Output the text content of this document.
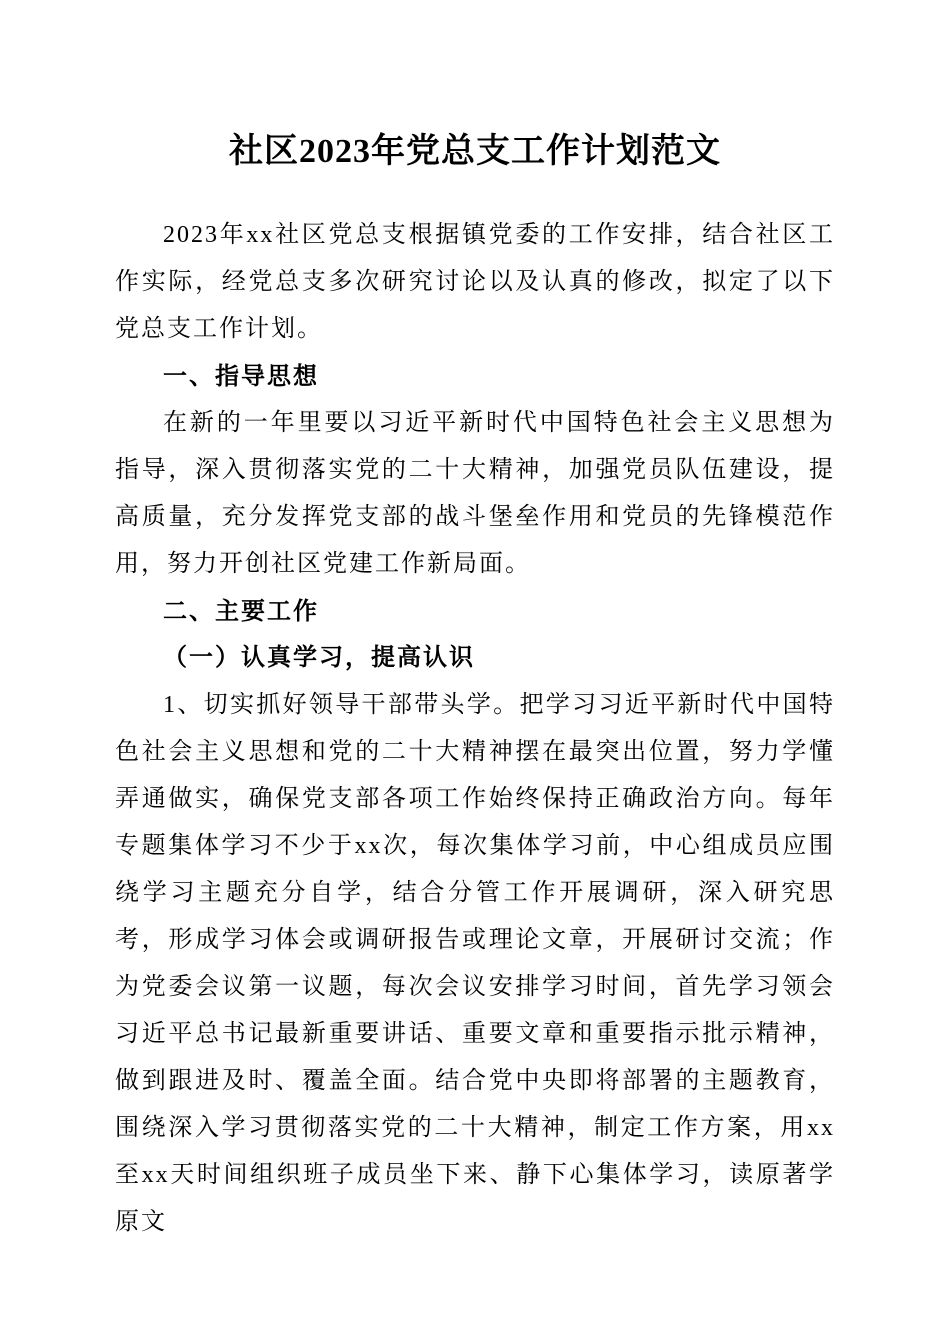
社区2023年党总支工作计划范文

2023年xx社区党总支根据镇党委的工作安排，结合社区工作实际，经党总支多次研究讨论以及认真的修改，拟定了以下党总支工作计划。

一、指导思想

在新的一年里要以习近平新时代中国特色社会主义思想为指导，深入贯彻落实党的二十大精神，加强党员队伍建设，提高质量，充分发挥党支部的战斗堡垒作用和党员的先锋模范作用，努力开创社区党建工作新局面。

二、主要工作
（一）认真学习，提高认识

1、切实抓好领导干部带头学。把学习习近平新时代中国特色社会主义思想和党的二十大精神摆在最突出位置，努力学懂弄通做实，确保党支部各项工作始终保持正确政治方向。每年专题集体学习不少于xx次，每次集体学习前，中心组成员应围绕学习主题充分自学，结合分管工作开展调研，深入研究思考，形成学习体会或调研报告或理论文章，开展研讨交流；作为党委会议第一议题，每次会议安排学习时间，首先学习领会习近平总书记最新重要讲话、重要文章和重要指示批示精神，做到跟进及时、覆盖全面。结合党中央即将部署的主题教育，围绕深入学习贯彻落实党的二十大精神，制定工作方案，用xx至xx天时间组织班子成员坐下来、静下心集体学习，读原著学原文
